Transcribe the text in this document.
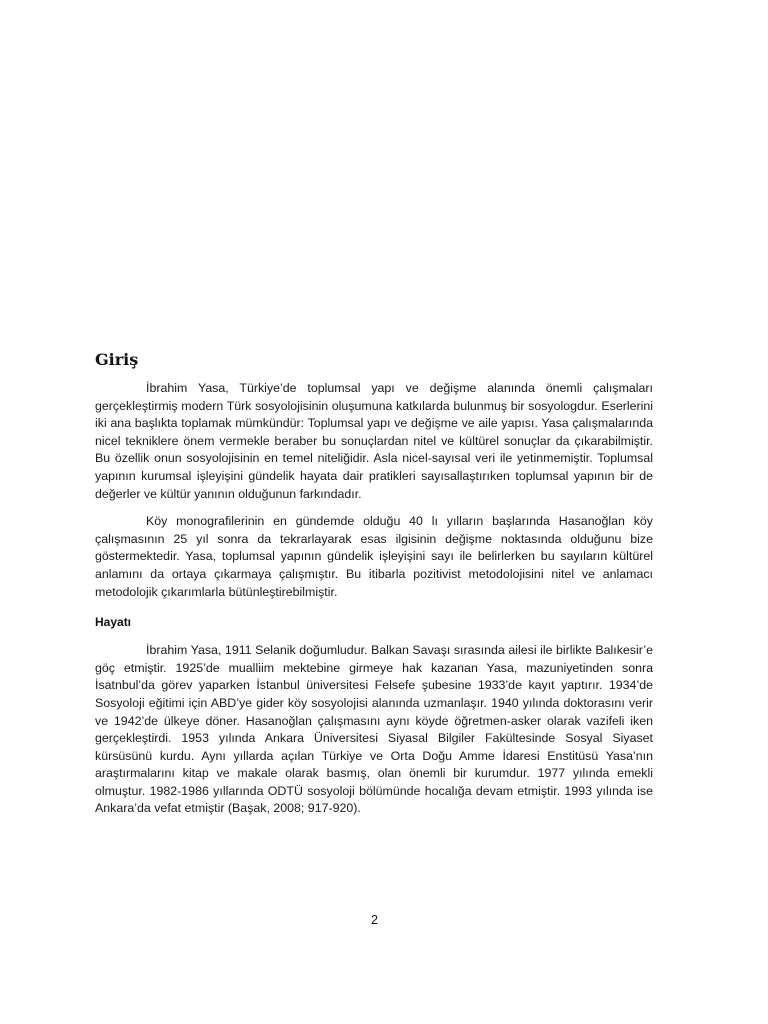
Giriş

İbrahim Yasa, Türkiye’de toplumsal yapı ve değişme alanında önemli çalışmaları gerçekleştirmiş modern Türk sosyolojisinin oluşumuna katkılarda bulunmuş bir sosyologdur. Eserlerini iki ana başlıkta toplamak mümkündür: Toplumsal yapı ve değişme ve aile yapısı. Yasa çalışmalarında nicel tekniklere önem vermekle beraber bu sonuçlardan nitel ve kültürel sonuçlar da çıkarabilmiştir. Bu özellik onun sosyolojisinin en temel niteliğidir. Asla nicel-sayısal veri ile yetinmemiştir. Toplumsal yapının kurumsal işleyişini gündelik hayata dair pratikleri sayısallaştırıken toplumsal yapının bir de değerler ve kültür yanının olduğunun farkındadır.

Köy monografilerinin en gündemde olduğu 40 lı yılların başlarında Hasanoğlan köy çalışmasının 25 yıl sonra da tekrarlayarak esas ilgisinin değişme noktasında olduğunu bize göstermektedir. Yasa, toplumsal yapının gündelik işleyişini sayı ile belirlerken bu sayıların kültürel anlamını da ortaya çıkarmaya çalışmıştır. Bu itibarla pozitivist metodolojisini nitel ve anlamacı metodolojik çıkarımlarla bütünleştirebilmiştir.

Hayatı

İbrahim Yasa, 1911 Selanik doğumludur. Balkan Savaşı sırasında ailesi ile birlikte Balıkesir’e göç etmiştir. 1925’de mualliim mektebine girmeye hak kazanan Yasa, mazuniyetinden sonra İsatnbul’da görev yaparken İstanbul üniversitesi Felsefe şubesine 1933’de kayıt yaptırır. 1934’de Sosyoloji eğitimi için ABD’ye gider köy sosyolojisi alanında uzmanlaşır. 1940 yılında doktorasını verir ve 1942’de ülkeye döner. Hasanoğlan çalışmasını aynı köyde öğretmen-asker olarak vazifeli iken gerçekleştirdi. 1953 yılında Ankara Üniversitesi Siyasal Bilgiler Fakültesinde Sosyal Siyaset kürsüsünü kurdu. Aynı yıllarda açılan Türkiye ve Orta Doğu Amme İdaresi Enstitüsü Yasa’nın araştırmalarını kitap ve makale olarak basmış, olan önemli bir kurumdur. 1977 yılında emekli olmuştur. 1982-1986 yıllarında ODTÜ sosyoloji bölümünde hocalığa devam etmiştir. 1993 yılında ise Ankara’da vefat etmiştir (Başak, 2008; 917-920).

2
